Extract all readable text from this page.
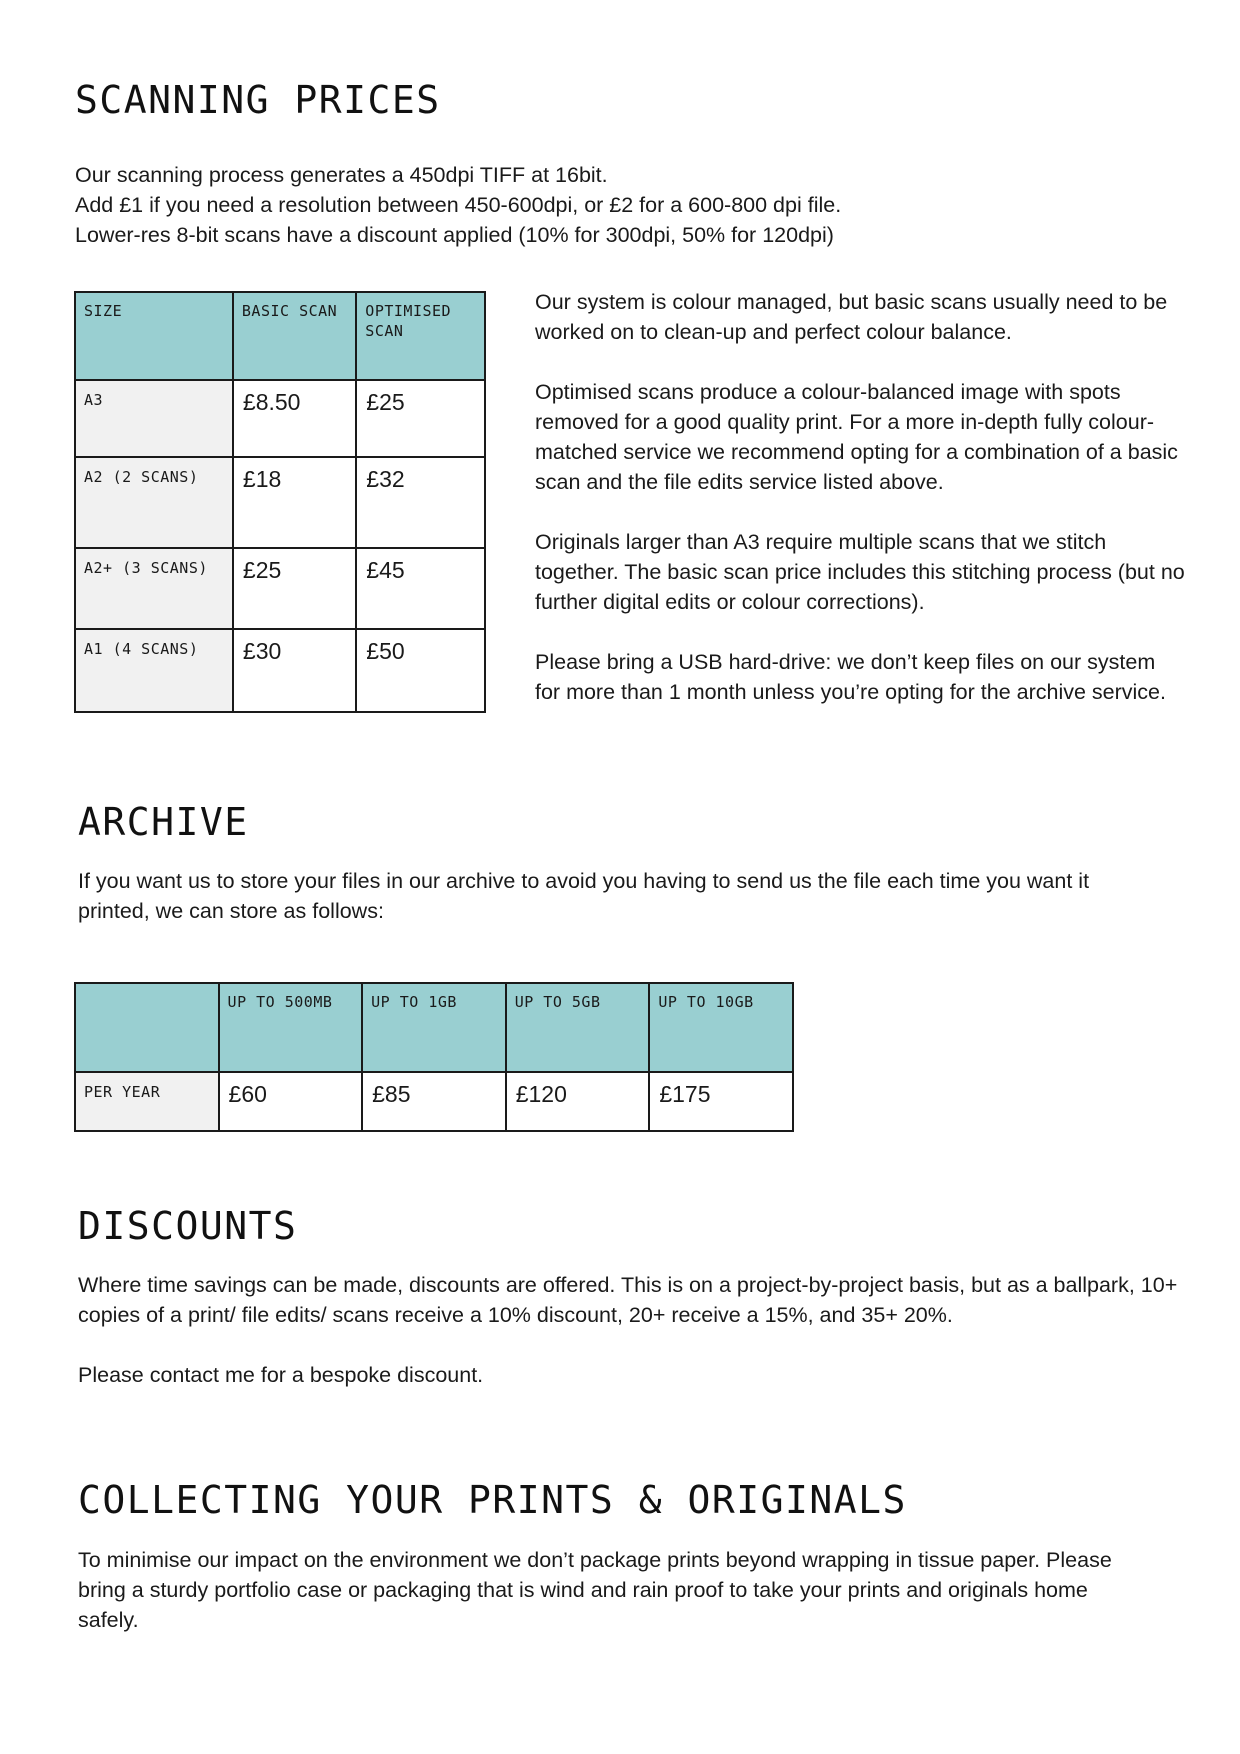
SCANNING PRICES

Our scanning process generates a 450dpi TIFF at 16bit.

Add £1 if you need a resolution between 450-600dpi, or £2 for a 600-800 dpi file.

Lower-res 8-bit scans have a discount applied (10% for 300dpi, 50% for 120dpi)

SIZE	BASIC SCAN	OPTIMISED SCAN
A3	£8.50	£25
A2 (2 SCANS)	£18	£32
A2+ (3 SCANS)	£25	£45
A1 (4 SCANS)	£30	£50

Our system is colour managed, but basic scans usually need to be worked on to clean-up and perfect colour balance.

Optimised scans produce a colour-balanced image with spots removed for a good quality print. For a more in-depth fully colour-matched service we recommend opting for a combination of a basic scan and the file edits service listed above.

Originals larger than A3 require multiple scans that we stitch together. The basic scan price includes this stitching process (but no further digital edits or colour corrections).

Please bring a USB hard-drive: we don’t keep files on our system for more than 1 month unless you’re opting for the archive service.

ARCHIVE

If you want us to store your files in our archive to avoid you having to send us the file each time you want it printed, we can store as follows:

	UP TO 500MB	UP TO 1GB	UP TO 5GB	UP TO 10GB
PER YEAR	£60	£85	£120	£175
DISCOUNTS

Where time savings can be made, discounts are offered. This is on a project-by-project basis, but as a ballpark, 10+ copies of a print/ file edits/ scans receive a 10% discount, 20+ receive a 15%, and 35+ 20%.

Please contact me for a bespoke discount.

COLLECTING YOUR PRINTS & ORIGINALS

To minimise our impact on the environment we don’t package prints beyond wrapping in tissue paper. Please bring a sturdy portfolio case or packaging that is wind and rain proof to take your prints and originals home safely.
